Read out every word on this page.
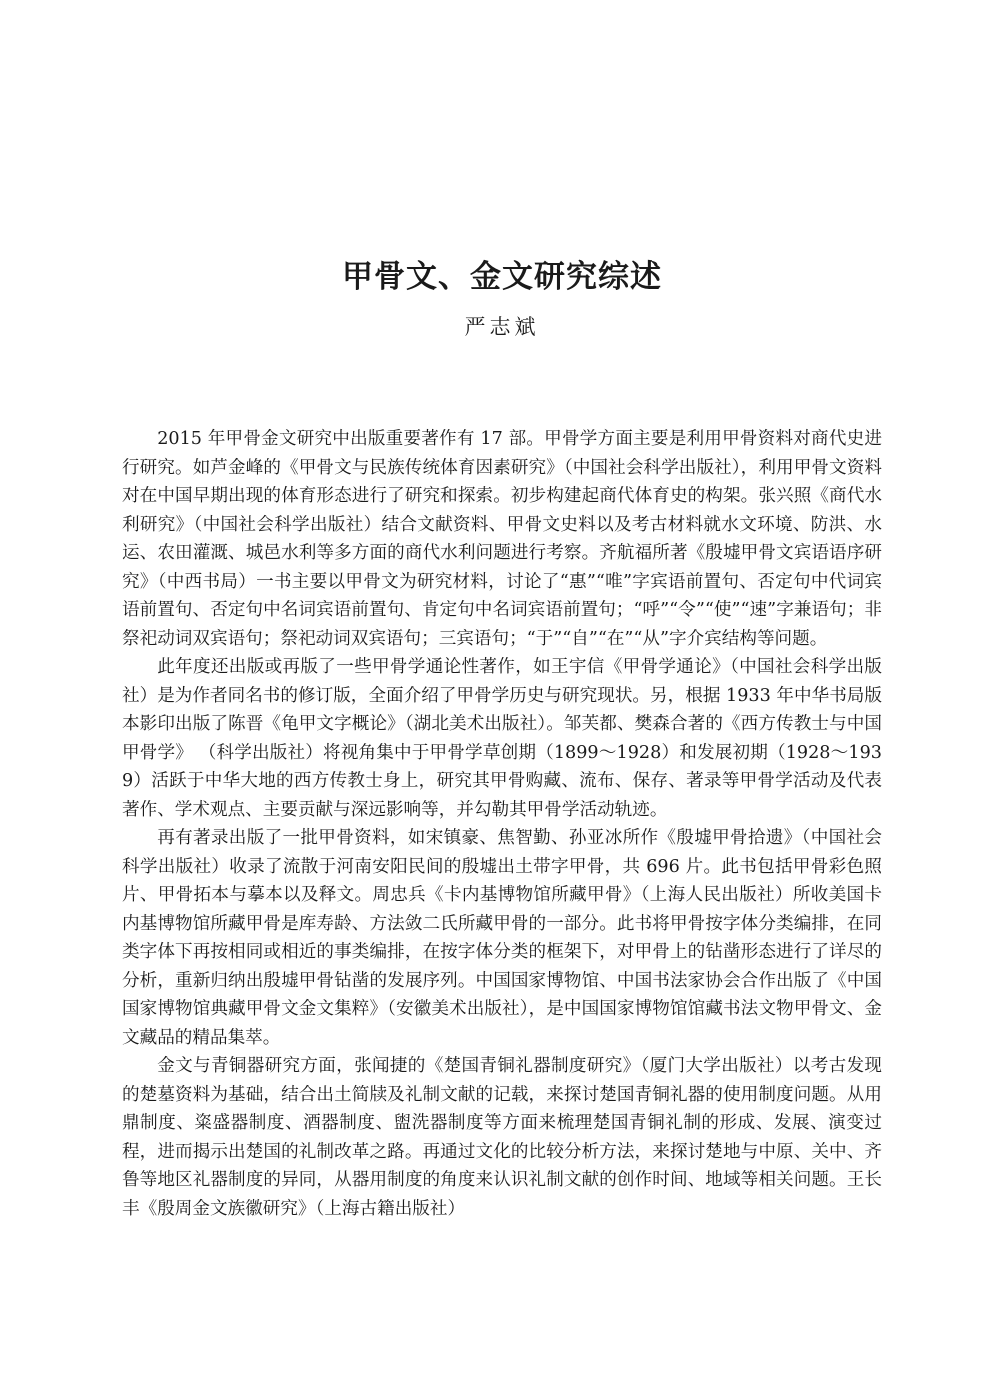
甲骨文、金文研究综述
严志斌

2015 年甲骨金文研究中出版重要著作有 17 部。甲骨学方面主要是利用甲骨资料对商代史进行研究。如芦金峰的《甲骨文与民族传统体育因素研究》（中国社会科学出版社），利用甲骨文资料对在中国早期出现的体育形态进行了研究和探索。初步构建起商代体育史的构架。张兴照《商代水利研究》（中国社会科学出版社）结合文献资料、甲骨文史料以及考古材料就水文环境、防洪、水运、农田灌溉、城邑水利等多方面的商代水利问题进行考察。齐航福所著《殷墟甲骨文宾语语序研究》（中西书局）一书主要以甲骨文为研究材料，讨论了“惠”“唯”字宾语前置句、否定句中代词宾语前置句、否定句中名词宾语前置句、肯定句中名词宾语前置句；“呼”“令”“使”“速”字兼语句；非祭祀动词双宾语句；祭祀动词双宾语句；三宾语句；“于”“自”“在”“从”字介宾结构等问题。

此年度还出版或再版了一些甲骨学通论性著作，如王宇信《甲骨学通论》（中国社会科学出版社）是为作者同名书的修订版，全面介绍了甲骨学历史与研究现状。另，根据 1933 年中华书局版本影印出版了陈晋《龟甲文字概论》（湖北美术出版社）。邹芙都、樊森合著的《西方传教士与中国甲骨学》 （科学出版社）将视角集中于甲骨学草创期（1899～1928）和发展初期（1928～1939）活跃于中华大地的西方传教士身上，研究其甲骨购藏、流布、保存、著录等甲骨学活动及代表著作、学术观点、主要贡献与深远影响等，并勾勒其甲骨学活动轨迹。

再有著录出版了一批甲骨资料，如宋镇豪、焦智勤、孙亚冰所作《殷墟甲骨拾遗》（中国社会科学出版社）收录了流散于河南安阳民间的殷墟出土带字甲骨，共 696 片。此书包括甲骨彩色照片、甲骨拓本与摹本以及释文。周忠兵《卡内基博物馆所藏甲骨》（上海人民出版社）所收美国卡内基博物馆所藏甲骨是库寿龄、方法敛二氏所藏甲骨的一部分。此书将甲骨按字体分类编排，在同类字体下再按相同或相近的事类编排，在按字体分类的框架下，对甲骨上的钻凿形态进行了详尽的分析，重新归纳出殷墟甲骨钻凿的发展序列。中国国家博物馆、中国书法家协会合作出版了《中国国家博物馆典藏甲骨文金文集粹》（安徽美术出版社），是中国国家博物馆馆藏书法文物甲骨文、金文藏品的精品集萃。

金文与青铜器研究方面，张闻捷的《楚国青铜礼器制度研究》（厦门大学出版社）以考古发现的楚墓资料为基础，结合出土简牍及礼制文献的记载，来探讨楚国青铜礼器的使用制度问题。从用鼎制度、粢盛器制度、酒器制度、盥洗器制度等方面来梳理楚国青铜礼制的形成、发展、演变过程，进而揭示出楚国的礼制改革之路。再通过文化的比较分析方法，来探讨楚地与中原、关中、齐鲁等地区礼器制度的异同，从器用制度的角度来认识礼制文献的创作时间、地域等相关问题。王长丰《殷周金文族徽研究》（上海古籍出版社）
